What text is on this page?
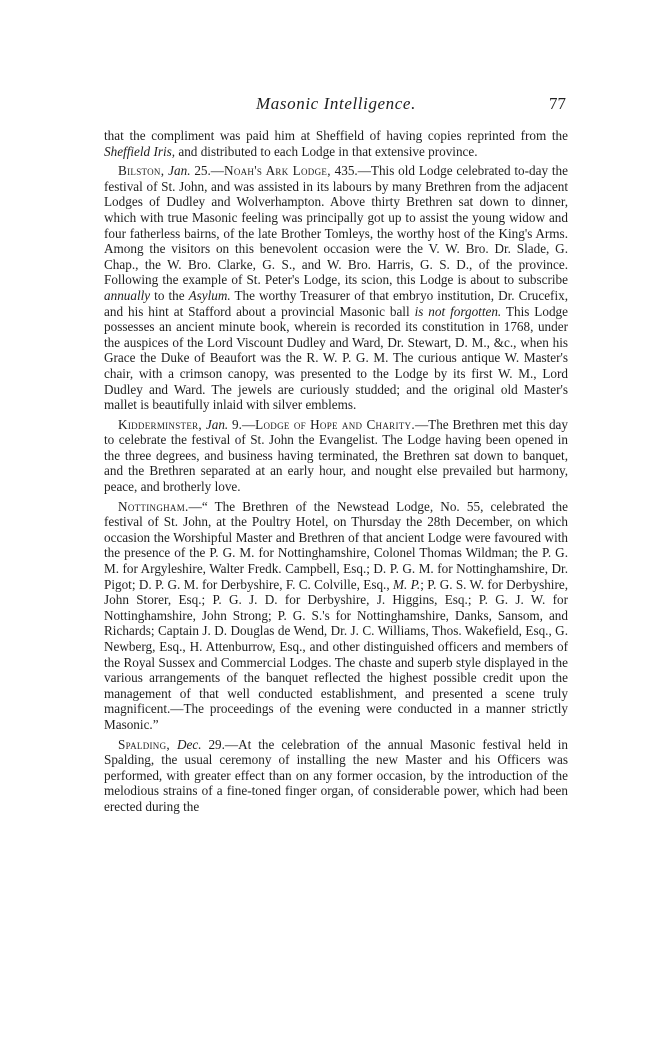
Masonic Intelligence.	77

that the compliment was paid him at Sheffield of having copies reprinted from the Sheffield Iris, and distributed to each Lodge in that extensive province.

Bilston, Jan. 25.—Noah's Ark Lodge, 435.—This old Lodge celebrated to-day the festival of St. John, and was assisted in its labours by many Brethren from the adjacent Lodges of Dudley and Wolverhampton. Above thirty Brethren sat down to dinner, which with true Masonic feeling was principally got up to assist the young widow and four fatherless bairns, of the late Brother Tomleys, the worthy host of the King's Arms. Among the visitors on this benevolent occasion were the V. W. Bro. Dr. Slade, G. Chap., the W. Bro. Clarke, G. S., and W. Bro. Harris, G. S. D., of the province. Following the example of St. Peter's Lodge, its scion, this Lodge is about to subscribe annually to the Asylum. The worthy Treasurer of that embryo institution, Dr. Crucefix, and his hint at Stafford about a provincial Masonic ball is not forgotten. This Lodge possesses an ancient minute book, wherein is recorded its constitution in 1768, under the auspices of the Lord Viscount Dudley and Ward, Dr. Stewart, D. M., &c., when his Grace the Duke of Beaufort was the R. W. P. G. M. The curious antique W. Master's chair, with a crimson canopy, was presented to the Lodge by its first W. M., Lord Dudley and Ward. The jewels are curiously studded; and the original old Master's mallet is beautifully inlaid with silver emblems.

Kidderminster, Jan. 9.—Lodge of Hope and Charity.—The Brethren met this day to celebrate the festival of St. John the Evangelist. The Lodge having been opened in the three degrees, and business having terminated, the Brethren sat down to banquet, and the Brethren separated at an early hour, and nought else prevailed but harmony, peace, and brotherly love.

Nottingham.—“ The Brethren of the Newstead Lodge, No. 55, celebrated the festival of St. John, at the Poultry Hotel, on Thursday the 28th December, on which occasion the Worshipful Master and Brethren of that ancient Lodge were favoured with the presence of the P. G. M. for Nottinghamshire, Colonel Thomas Wildman; the P. G. M. for Argyleshire, Walter Fredk. Campbell, Esq.; D. P. G. M. for Nottinghamshire, Dr. Pigot; D. P. G. M. for Derbyshire, F. C. Colville, Esq., M. P.; P. G. S. W. for Derbyshire, John Storer, Esq.; P. G. J. D. for Derbyshire, J. Higgins, Esq.; P. G. J. W. for Nottinghamshire, John Strong; P. G. S.'s for Nottinghamshire, Danks, Sansom, and Richards; Captain J. D. Douglas de Wend, Dr. J. C. Williams, Thos. Wakefield, Esq., G. Newberg, Esq., H. Attenburrow, Esq., and other distinguished officers and members of the Royal Sussex and Commercial Lodges. The chaste and superb style displayed in the various arrangements of the banquet reflected the highest possible credit upon the management of that well conducted establishment, and presented a scene truly magnificent.—The proceedings of the evening were conducted in a manner strictly Masonic.”

Spalding, Dec. 29.—At the celebration of the annual Masonic festival held in Spalding, the usual ceremony of installing the new Master and his Officers was performed, with greater effect than on any former occasion, by the introduction of the melodious strains of a fine-toned finger organ, of considerable power, which had been erected during the
